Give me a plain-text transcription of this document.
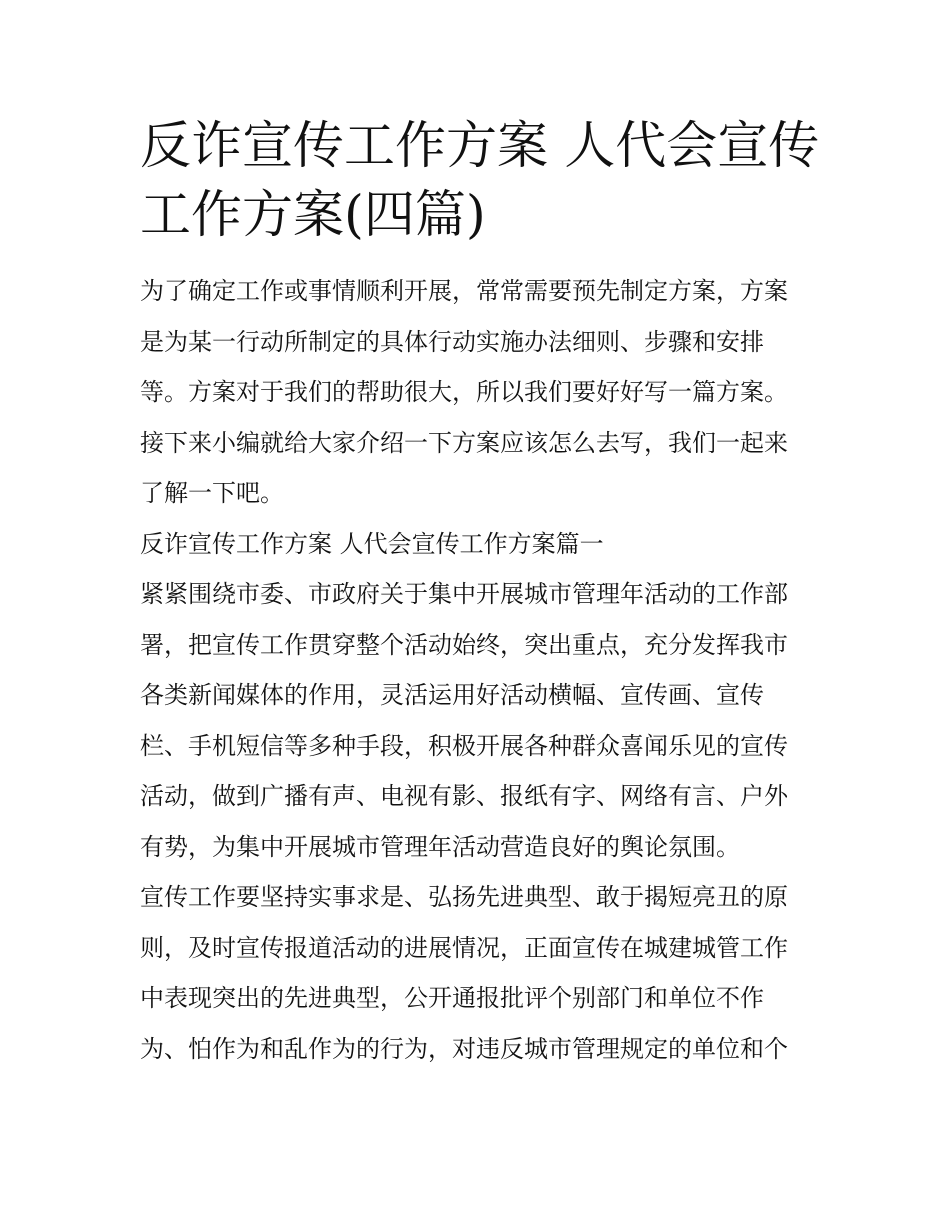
反诈宣传工作方案 人代会宣传
工作方案(四篇)
为了确定工作或事情顺利开展，常常需要预先制定方案，方案
是为某一行动所制定的具体行动实施办法细则、步骤和安排
等。方案对于我们的帮助很大，所以我们要好好写一篇方案。
接下来小编就给大家介绍一下方案应该怎么去写，我们一起来
了解一下吧。
反诈宣传工作方案 人代会宣传工作方案篇一
紧紧围绕市委、市政府关于集中开展城市管理年活动的工作部
署，把宣传工作贯穿整个活动始终，突出重点，充分发挥我市
各类新闻媒体的作用，灵活运用好活动横幅、宣传画、宣传
栏、手机短信等多种手段，积极开展各种群众喜闻乐见的宣传
活动，做到广播有声、电视有影、报纸有字、网络有言、户外
有势，为集中开展城市管理年活动营造良好的舆论氛围。
宣传工作要坚持实事求是、弘扬先进典型、敢于揭短亮丑的原
则，及时宣传报道活动的进展情况，正面宣传在城建城管工作
中表现突出的先进典型，公开通报批评个别部门和单位不作
为、怕作为和乱作为的行为，对违反城市管理规定的单位和个
